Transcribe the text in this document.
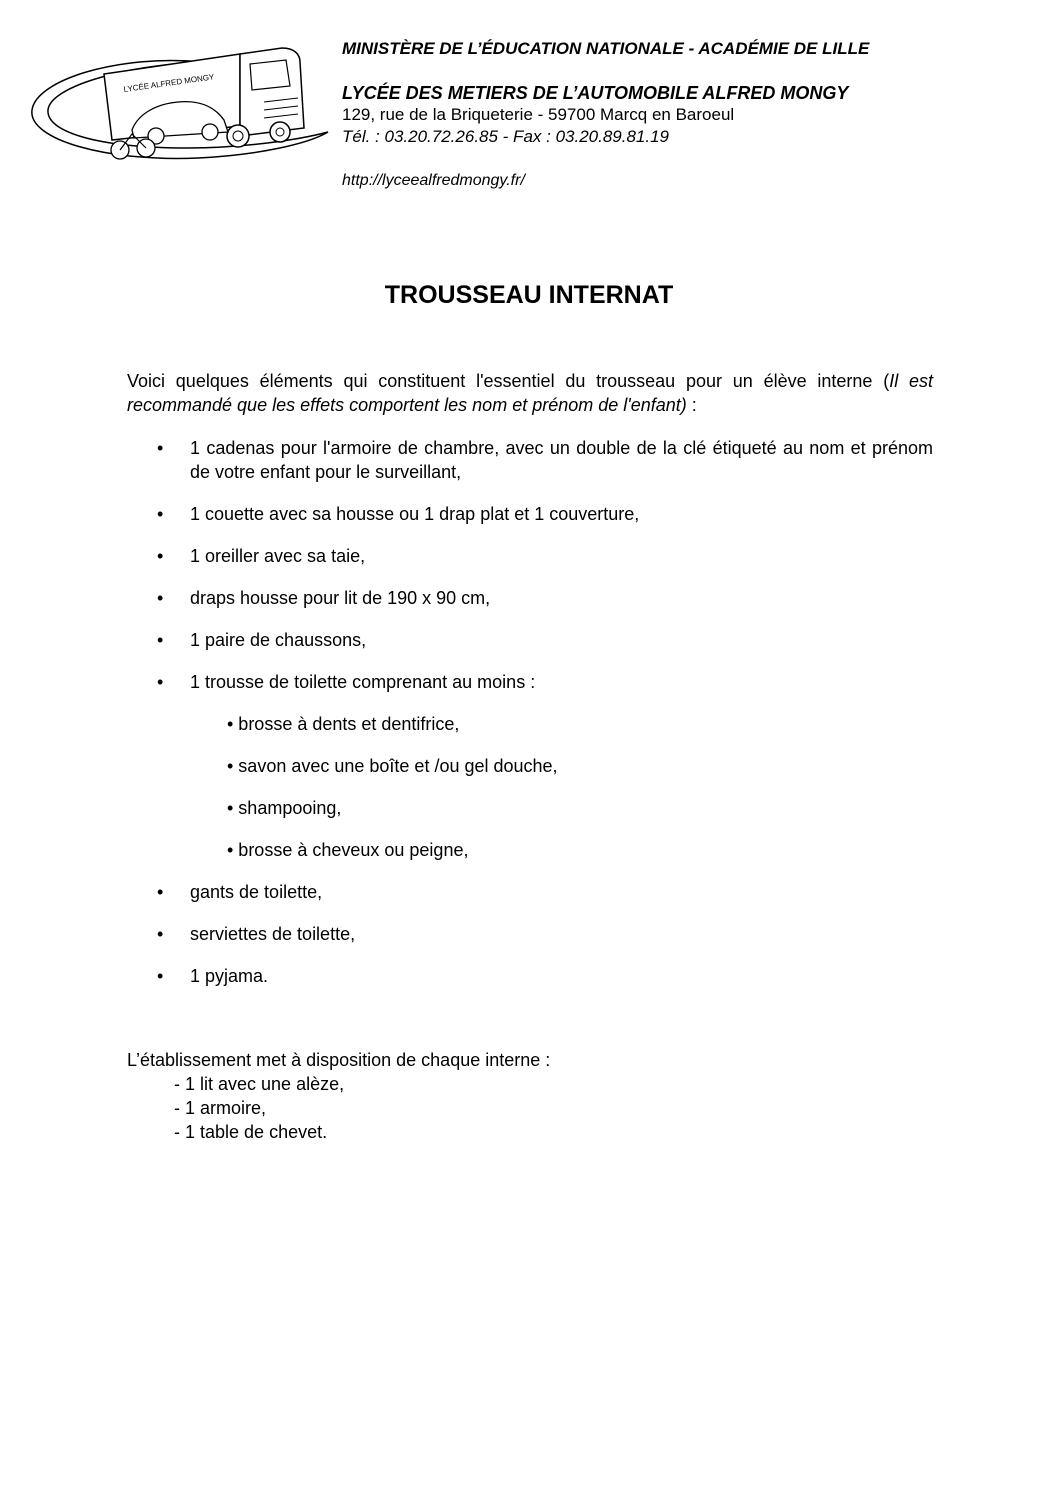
LYCÉE ALFRED MONGY

MINISTÈRE DE L’ÉDUCATION NATIONALE - ACADÉMIE DE LILLE

LYCÉE DES METIERS DE L’AUTOMOBILE ALFRED MONGY

129, rue de la Briqueterie - 59700 Marcq en Baroeul

Tél. : 03.20.72.26.85 - Fax : 03.20.89.81.19

http://lyceealfredmongy.fr/

TROUSSEAU INTERNAT

Voici quelques éléments qui constituent l'essentiel du trousseau pour un élève interne (Il est recommandé que les effets comportent les nom et prénom de l'enfant) :

• 1 cadenas pour l'armoire de chambre, avec un double de la clé étiqueté au nom et prénom de votre enfant pour le surveillant,
• 1 couette avec sa housse ou 1 drap plat et 1 couverture,
• 1 oreiller avec sa taie,
• draps housse pour lit de 190 x 90 cm,
• 1 paire de chaussons,
• 1 trousse de toilette comprenant au moins :
• brosse à dents et dentifrice,
• savon avec une boîte et /ou gel douche,
• shampooing,
• brosse à cheveux ou peigne,
• gants de toilette,
• serviettes de toilette,
• 1 pyjama.

L’établissement met à disposition de chaque interne :

- 1 lit avec une alèze,
- 1 armoire,
- 1 table de chevet.
